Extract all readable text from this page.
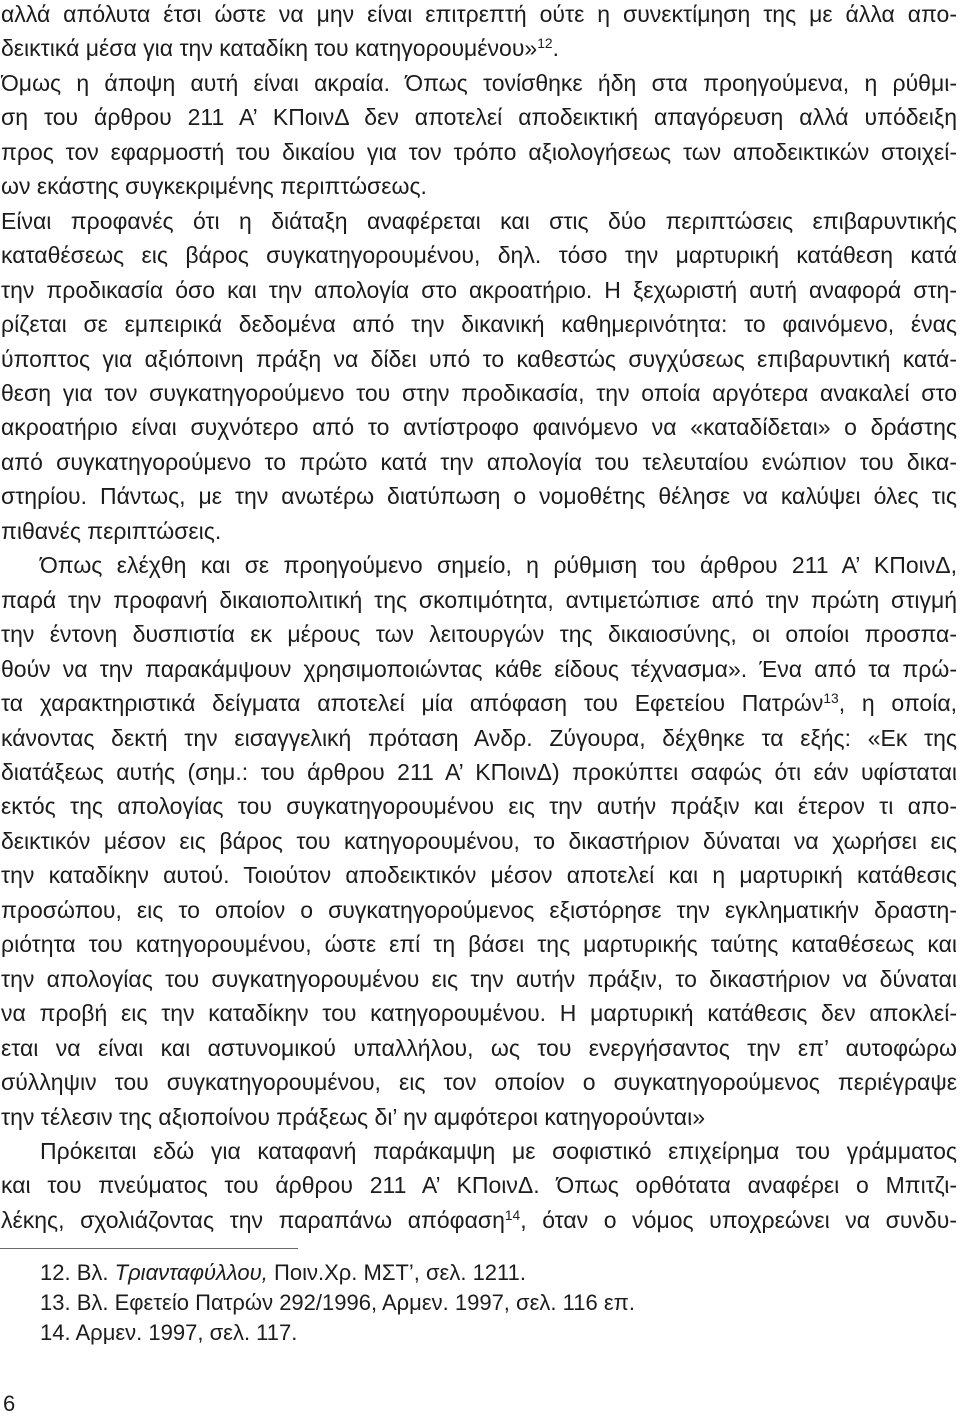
αλλά απόλυτα έτσι ώστε να μην είναι επιτρεπτή ούτε η συνεκτίμηση της με άλλα απο-
δεικτικά μέσα για την καταδίκη του κατηγορουμένου»$^{12}$.
Όμως η άποψη αυτή είναι ακραία. Όπως τονίσθηκε ήδη στα προηγούμενα, η ρύθμι-
ση του άρθρου 211 Α’ ΚΠοινΔ δεν αποτελεί αποδεικτική απαγόρευση αλλά υπόδειξη
προς τον εφαρμοστή του δικαίου για τον τρόπο αξιολογήσεως των αποδεικτικών στοιχεί-
ων εκάστης συγκεκριμένης περιπτώσεως.
Είναι προφανές ότι η διάταξη αναφέρεται και στις δύο περιπτώσεις επιβαρυντικής
καταθέσεως εις βάρος συγκατηγορουμένου, δηλ. τόσο την μαρτυρική κατάθεση κατά
την προδικασία όσο και την απολογία στο ακροατήριο. Η ξεχωριστή αυτή αναφορά στη-
ρίζεται σε εμπειρικά δεδομένα από την δικανική καθημερινότητα: το φαινόμενο, ένας
ύποπτος για αξιόποινη πράξη να δίδει υπό το καθεστώς συγχύσεως επιβαρυντική κατά-
θεση για τον συγκατηγορούμενο του στην προδικασία, την οποία αργότερα ανακαλεί στο
ακροατήριο είναι συχνότερο από το αντίστροφο φαινόμενο να «καταδίδεται» ο δράστης
από συγκατηγορούμενο το πρώτο κατά την απολογία του τελευταίου ενώπιον του δικα-
στηρίου. Πάντως, με την ανωτέρω διατύπωση ο νομοθέτης θέλησε να καλύψει όλες τις
πιθανές περιπτώσεις.
Όπως ελέχθη και σε προηγούμενο σημείο, η ρύθμιση του άρθρου 211 Α’ ΚΠοινΔ,
παρά την προφανή δικαιοπολιτική της σκοπιμότητα, αντιμετώπισε από την πρώτη στιγμή
την έντονη δυσπιστία εκ μέρους των λειτουργών της δικαιοσύνης, οι οποίοι προσπα-
θούν να την παρακάμψουν χρησιμοποιώντας κάθε είδους τέχνασμα». Ένα από τα πρώ-
τα χαρακτηριστικά δείγματα αποτελεί μία απόφαση του Εφετείου Πατρών$^{13}$, η οποία,
κάνοντας δεκτή την εισαγγελική πρόταση Ανδρ. Ζύγουρα, δέχθηκε τα εξής: «Εκ της
διατάξεως αυτής (σημ.: του άρθρου 211 Α’ ΚΠοινΔ) προκύπτει σαφώς ότι εάν υφίσταται
εκτός της απολογίας του συγκατηγορουμένου εις την αυτήν πράξιν και έτερον τι απο-
δεικτικόν μέσον εις βάρος του κατηγορουμένου, το δικαστήριον δύναται να χωρήσει εις
την καταδίκην αυτού. Τοιούτον αποδεικτικόν μέσον αποτελεί και η μαρτυρική κατάθεσις
προσώπου, εις το οποίον ο συγκατηγορούμενος εξιστόρησε την εγκληματικήν δραστη-
ριότητα του κατηγορουμένου, ώστε επί τη βάσει της μαρτυρικής ταύτης καταθέσεως και
την απολογίας του συγκατηγορουμένου εις την αυτήν πράξιν, το δικαστήριον να δύναται
να προβή εις την καταδίκην του κατηγορουμένου. Η μαρτυρική κατάθεσις δεν αποκλεί-
εται να είναι και αστυνομικού υπαλλήλου, ως του ενεργήσαντος την επ’ αυτοφώρω
σύλληψιν του συγκατηγορουμένου, εις τον οποίον ο συγκατηγορούμενος περιέγραψε
την τέλεσιν της αξιοποίνου πράξεως δι’ ην αμφότεροι κατηγορούνται»
Πρόκειται εδώ για καταφανή παράκαμψη με σοφιστικό επιχείρημα του γράμματος
και του πνεύματος του άρθρου 211 Α’ ΚΠοινΔ. Όπως ορθότατα αναφέρει ο Μπιτζι-
λέκης, σχολιάζοντας την παραπάνω απόφαση$^{14}$, όταν ο νόμος υποχρεώνει να συνδυ-
12. Βλ. Τριανταφύλλου, Ποιν.Χρ. ΜΣΤ’, σελ. 1211.
13. Βλ. Εφετείο Πατρών 292/1996, Αρμεν. 1997, σελ. 116 επ.
14. Αρμεν. 1997, σελ. 117.
6
